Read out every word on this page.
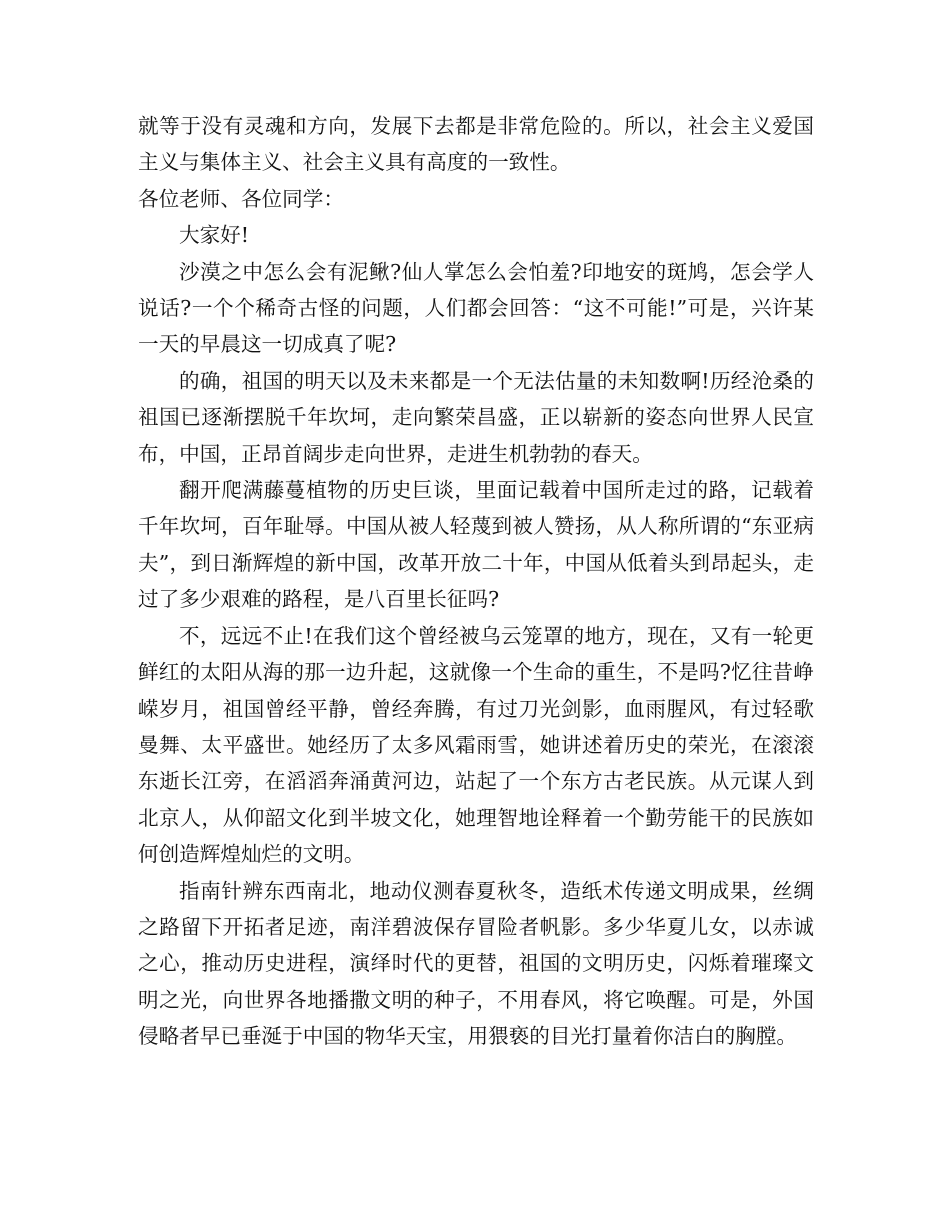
就等于没有灵魂和方向，发展下去都是非常危险的。所以，社会主义爱国主义与集体主义、社会主义具有高度的一致性。

各位老师、各位同学：

大家好!

沙漠之中怎么会有泥鳅?仙人掌怎么会怕羞?印地安的斑鸠，怎会学人说话?一个个稀奇古怪的问题，人们都会回答：“这不可能!”可是，兴许某一天的早晨这一切成真了呢?

的确，祖国的明天以及未来都是一个无法估量的未知数啊!历经沧桑的祖国已逐渐摆脱千年坎坷，走向繁荣昌盛，正以崭新的姿态向世界人民宣布，中国，正昂首阔步走向世界，走进生机勃勃的春天。

翻开爬满藤蔓植物的历史巨谈，里面记载着中国所走过的路，记载着千年坎坷，百年耻辱。中国从被人轻蔑到被人赞扬，从人称所谓的“东亚病夫”，到日渐辉煌的新中国，改革开放二十年，中国从低着头到昂起头，走过了多少艰难的路程，是八百里长征吗?

不，远远不止!在我们这个曾经被乌云笼罩的地方，现在，又有一轮更鲜红的太阳从海的那一边升起，这就像一个生命的重生，不是吗?忆往昔峥嵘岁月，祖国曾经平静，曾经奔腾，有过刀光剑影，血雨腥风，有过轻歌曼舞、太平盛世。她经历了太多风霜雨雪，她讲述着历史的荣光，在滚滚东逝长江旁，在滔滔奔涌黄河边，站起了一个东方古老民族。从元谋人到北京人，从仰韶文化到半坡文化，她理智地诠释着一个勤劳能干的民族如何创造辉煌灿烂的文明。

指南针辨东西南北，地动仪测春夏秋冬，造纸术传递文明成果，丝绸之路留下开拓者足迹，南洋碧波保存冒险者帆影。多少华夏儿女，以赤诚之心，推动历史进程，演绎时代的更替，祖国的文明历史，闪烁着璀璨文明之光，向世界各地播撒文明的种子，不用春风，将它唤醒。可是，外国侵略者早已垂涎于中国的物华天宝，用猥亵的目光打量着你洁白的胸膛。
